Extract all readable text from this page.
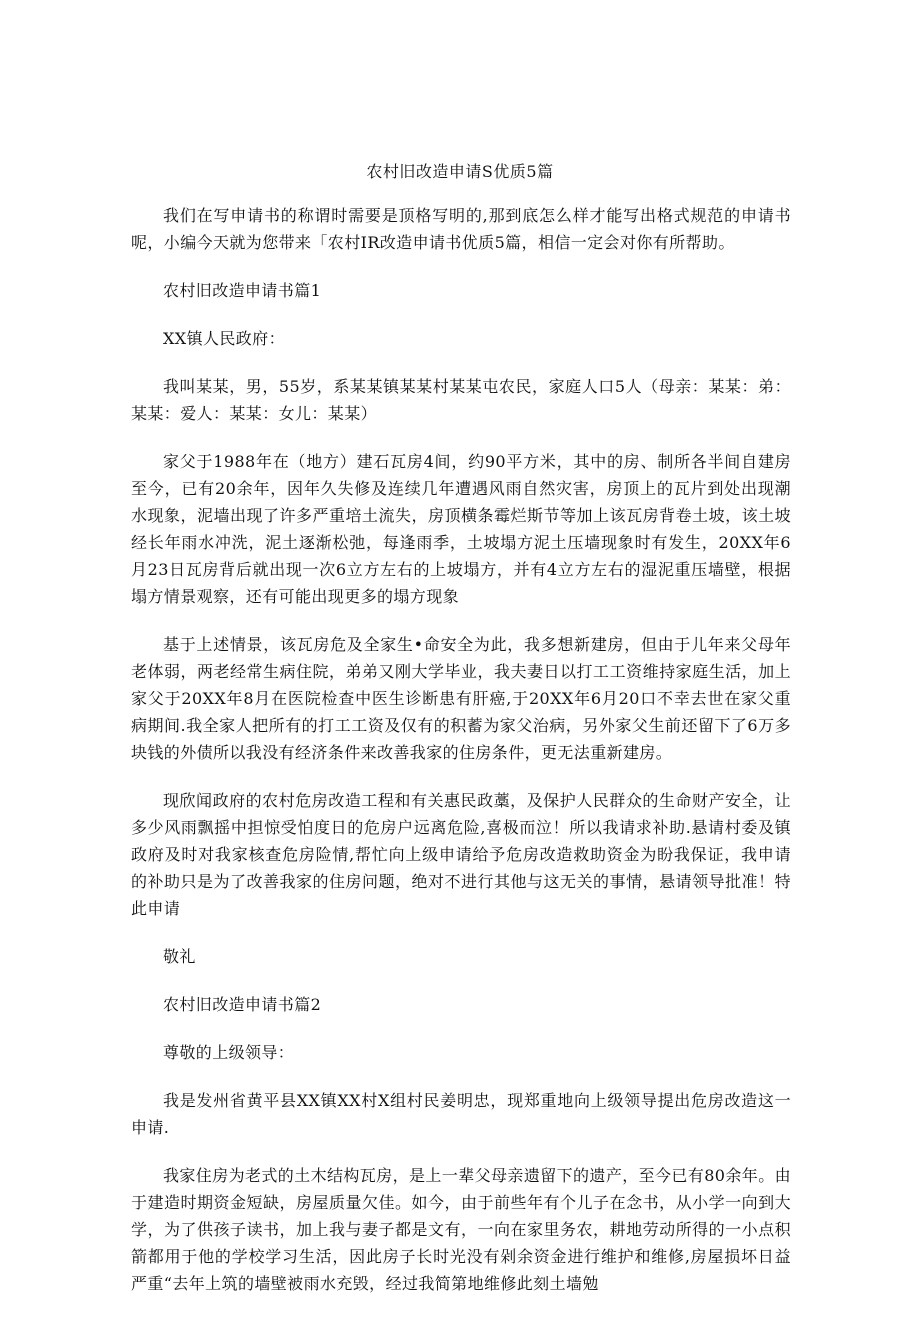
农村旧改造申请S优质5篇

我们在写申请书的称谓时需要是顶格写明的,那到底怎么样才能写出格式规范的申请书呢，小编今天就为您带来「农村IR改造申请书优质5篇，相信一定会对你有所帮助。

农村旧改造申请书篇1

XX镇人民政府：

我叫某某，男，55岁，系某某镇某某村某某屯农民，家庭人口5人（母亲：某某：弟：某某：爱人：某某：女儿：某某）

家父于1988年在（地方）建石瓦房4间，约90平方米，其中的房、制所各半间自建房至今，已有20余年，因年久失修及连续几年遭遇风雨自然灾害，房顶上的瓦片到处出现潮水现象，泥墙出现了许多严重培土流失，房顶横条霉烂斯节等加上该瓦房背卷土坡，该土坡经长年雨水冲洗，泥土逐渐松弛，每逢雨季，土坡塌方泥土压墙现象时有发生，20XX年6月23日瓦房背后就出现一次6立方左右的上坡塌方，并有4立方左右的湿泥重压墙壁，根据塌方情景观察，还有可能出现更多的塌方现象

基于上述情景，该瓦房危及全家生•命安全为此，我多想新建房，但由于儿年来父母年老体弱，两老经常生病住院，弟弟又刚大学毕业，我夫妻日以打工工资维持家庭生活，加上家父于20XX年8月在医院检查中医生诊断患有肝癌,于20XX年6月20口不幸去世在家父重病期间.我全家人把所有的打工工资及仅有的积蓄为家父治病，另外家父生前还留下了6万多块钱的外债所以我没有经济条件来改善我家的住房条件，更无法重新建房。

现欣闻政府的农村危房改造工程和有关惠民政藁，及保护人民群众的生命财产安全，让多少风雨飘摇中担惊受怕度日的危房户远离危险,喜极而泣！所以我请求补助.悬请村委及镇政府及时对我家核查危房险情,帮忙向上级申请给予危房改造救助资金为盼我保证，我申请的补助只是为了改善我家的住房问题，绝对不进行其他与这无关的事情，悬请领导批准！特此申请

敬礼

农村旧改造申请书篇2

尊敬的上级领导：

我是发州省黄平县XX镇XX村X组村民姜明忠，现郑重地向上级领导提出危房改造这一申请.

我家住房为老式的土木结构瓦房，是上一辈父母亲遗留下的遗产，至今已有80余年。由于建造时期资金短缺，房屋质量欠佳。如今，由于前些年有个儿子在念书，从小学一向到大学，为了供孩子读书，加上我与妻子都是文有，一向在家里务农，耕地劳动所得的一小点积箭都用于他的学校学习生活，因此房子长时光没有剁余资金进行维护和维修,房屋损坏日益严重“去年上筑的墙壁被雨水充毁，经过我简第地维修此刻土墙勉
